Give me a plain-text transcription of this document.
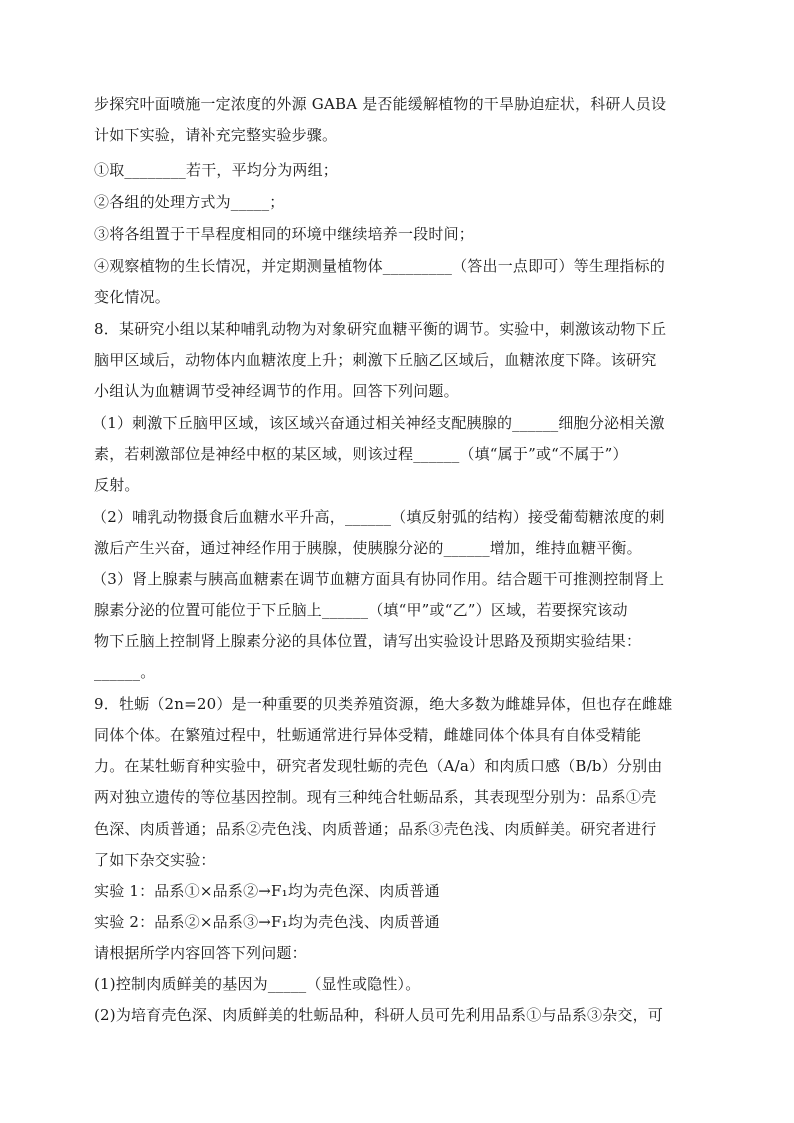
步探究叶面喷施一定浓度的外源 GABA 是否能缓解植物的干旱胁迫症状，科研人员设
计如下实验，请补充完整实验步骤。
①取________若干，平均分为两组；
②各组的处理方式为_____；
③将各组置于干旱程度相同的环境中继续培养一段时间；
④观察植物的生长情况，并定期测量植物体_________（答出一点即可）等生理指标的
变化情况。
8．某研究小组以某种哺乳动物为对象研究血糖平衡的调节。实验中，刺激该动物下丘
脑甲区域后，动物体内血糖浓度上升；刺激下丘脑乙区域后，血糖浓度下降。该研究
小组认为血糖调节受神经调节的作用。回答下列问题。
（1）刺激下丘脑甲区域，该区域兴奋通过相关神经支配胰腺的______细胞分泌相关激
素，若刺激部位是神经中枢的某区域，则该过程______（填“属于”或“不属于”）
反射。
（2）哺乳动物摄食后血糖水平升高，______（填反射弧的结构）接受葡萄糖浓度的刺
激后产生兴奋，通过神经作用于胰腺，使胰腺分泌的______增加，维持血糖平衡。
（3）肾上腺素与胰高血糖素在调节血糖方面具有协同作用。结合题干可推测控制肾上
腺素分泌的位置可能位于下丘脑上______（填“甲”或“乙”）区域，若要探究该动
物下丘脑上控制肾上腺素分泌的具体位置，请写出实验设计思路及预期实验结果：
______。
9．牡蛎（2n=20）是一种重要的贝类养殖资源，绝大多数为雌雄异体，但也存在雌雄
同体个体。在繁殖过程中，牡蛎通常进行异体受精，雌雄同体个体具有自体受精能
力。在某牡蛎育种实验中，研究者发现牡蛎的壳色（A/a）和肉质口感（B/b）分别由
两对独立遗传的等位基因控制。现有三种纯合牡蛎品系，其表现型分别为：品系①壳
色深、肉质普通；品系②壳色浅、肉质普通；品系③壳色浅、肉质鲜美。研究者进行
了如下杂交实验：
实验 1：品系①×品系②→F₁均为壳色深、肉质普通
实验 2：品系②×品系③→F₁均为壳色浅、肉质普通
请根据所学内容回答下列问题：
(1)控制肉质鲜美的基因为_____（显性或隐性）。
(2)为培育壳色深、肉质鲜美的牡蛎品种，科研人员可先利用品系①与品系③杂交，可
